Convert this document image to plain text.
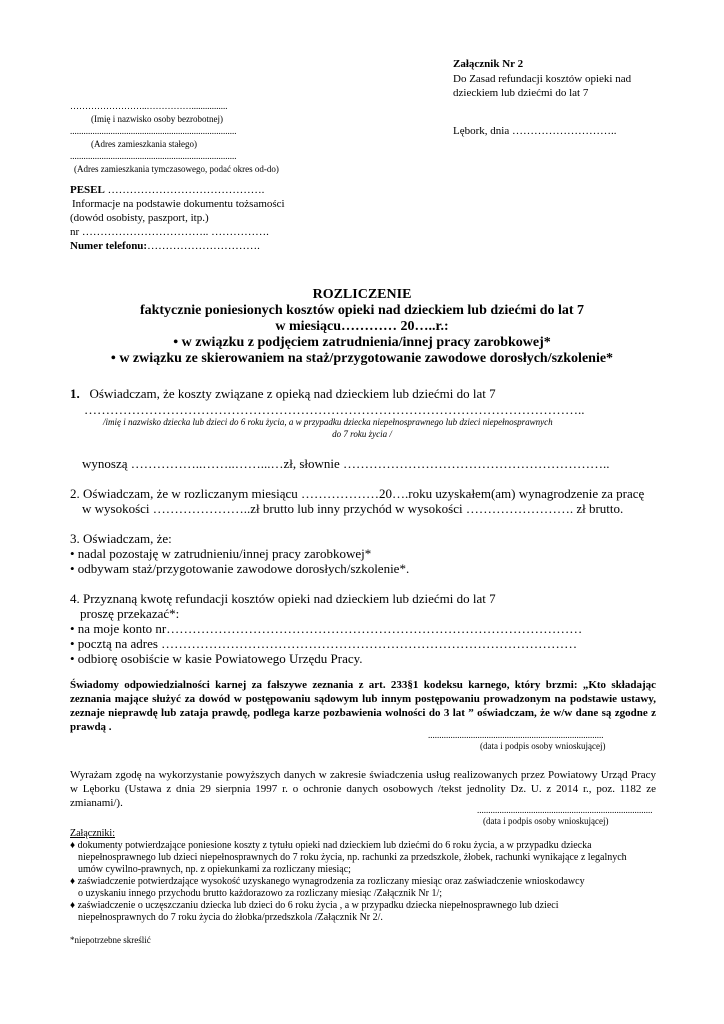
Załącznik Nr 2
Do Zasad refundacji kosztów opieki nad
dzieckiem lub dziećmi do lat 7
Lębork, dnia ………………………..
……………………..……………................
(Imię i nazwisko osoby bezrobotnej)
..........................................................................
(Adres zamieszkania stałego)
..........................................................................
(Adres zamieszkania tymczasowego, podać okres od-do)
PESEL …………………………………….
Informacje na podstawie dokumentu tożsamości
(dowód osobisty, paszport, itp.)
nr …………………………….. …………….
Numer telefonu:………………………….
ROZLICZENIE
faktycznie poniesionych kosztów opieki nad dzieckiem lub dziećmi do lat 7
w miesiącu………… 20…..r.:
• w związku z podjęciem zatrudnienia/innej pracy zarobkowej*
• w związku ze skierowaniem na staż/przygotowanie zawodowe dorosłych/szkolenie*
1. Oświadczam, że koszty związane z opieką nad dzieckiem lub dziećmi do lat 7
……………………………………………………………………………………………………..
/imię i nazwisko dziecka lub dzieci do 6 roku życia, a w przypadku dziecka niepełnosprawnego lub dzieci niepełnosprawnych
do 7 roku życia /
wynoszą ……………..……..……...…zł, słownie ……………………………………………………..
2. Oświadczam, że w rozliczanym miesiącu ………………20….roku uzyskałem(am) wynagrodzenie za pracę
w wysokości …………………..zł brutto lub inny przychód w wysokości ……………………. zł brutto.
3. Oświadczam, że:
• nadal pozostaję w zatrudnieniu/innej pracy zarobkowej*
• odbywam staż/przygotowanie zawodowe dorosłych/szkolenie*.
4. Przyznaną kwotę refundacji kosztów opieki nad dzieckiem lub dziećmi do lat 7
proszę przekazać*:
• na moje konto nr……………………………………………………………………………………
• pocztą na adres ……………………………………………………………………………………
• odbiorę osobiście w kasie Powiatowego Urzędu Pracy.
Świadomy odpowiedzialności karnej za fałszywe zeznania z art. 233§1 kodeksu karnego, który brzmi: „Kto składając zeznania mające służyć za dowód w postępowaniu sądowym lub innym postępowaniu prowadzonym na podstawie ustawy, zeznaje nieprawdę lub zataja prawdę, podlega karze pozbawienia wolności do 3 lat ” oświadczam, że w/w dane są zgodne z prawdą .
..............................................................................
(data i podpis osoby wnioskującej)
Wyrażam zgodę na wykorzystanie powyższych danych w zakresie świadczenia usług realizowanych przez Powiatowy Urząd Pracy w Lęborku (Ustawa z dnia 29 sierpnia 1997 r. o ochronie danych osobowych /tekst jednolity Dz. U. z 2014 r., poz. 1182 ze zmianami/).
..............................................................................
(data i podpis osoby wnioskującej)
Załączniki:
♦ dokumenty potwierdzające poniesione koszty z tytułu opieki nad dzieckiem lub dziećmi do 6 roku życia, a w przypadku dziecka
niepełnosprawnego lub dzieci niepełnosprawnych do 7 roku życia, np. rachunki za przedszkole, żłobek, rachunki wynikające z legalnych
umów cywilno-prawnych, np. z opiekunkami za rozliczany miesiąc;
♦ zaświadczenie potwierdzające wysokość uzyskanego wynagrodzenia za rozliczany miesiąc oraz zaświadczenie wnioskodawcy
o uzyskaniu innego przychodu brutto każdorazowo za rozliczany miesiąc /Załącznik Nr 1/;
♦ zaświadczenie o uczęszczaniu dziecka lub dzieci do 6 roku życia , a w przypadku dziecka niepełnosprawnego lub dzieci
niepełnosprawnych do 7 roku życia do żłobka/przedszkola /Załącznik Nr 2/.
*niepotrzebne skreślić
